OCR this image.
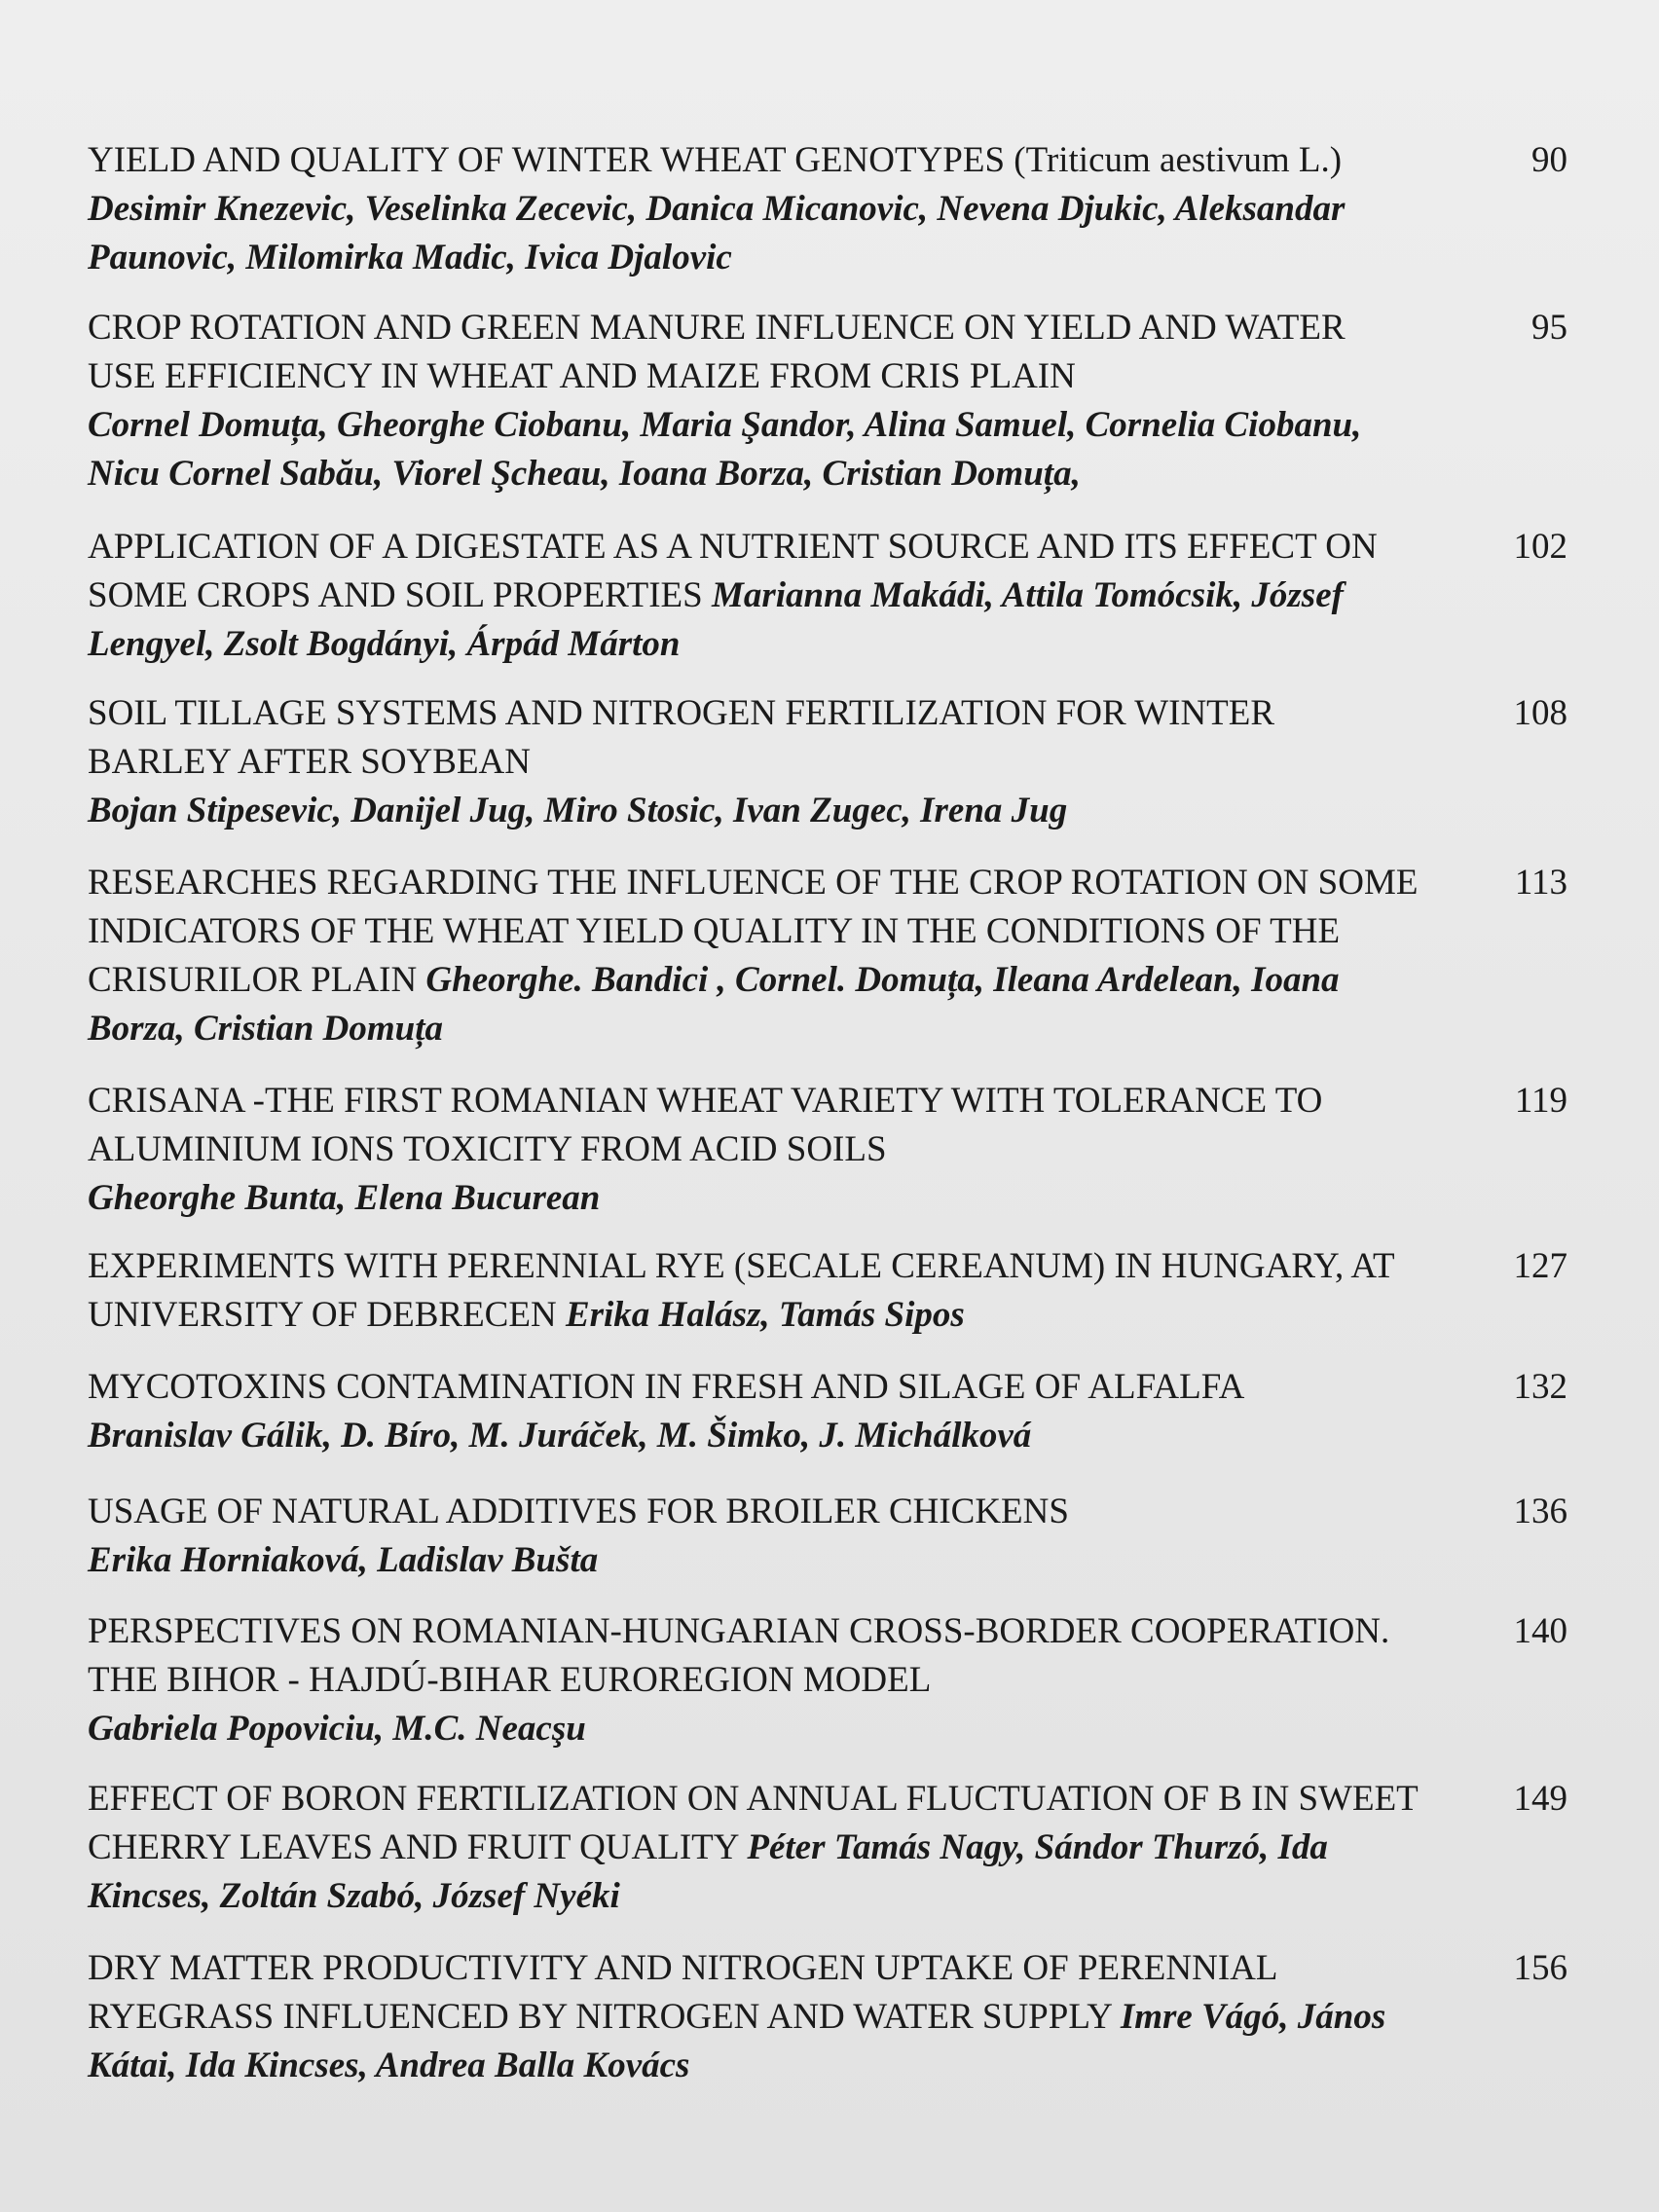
YIELD AND QUALITY OF WINTER WHEAT GENOTYPES (Triticum aestivum L.) Desimir Knezevic, Veselinka Zecevic, Danica Micanovic, Nevena Djukic, Aleksandar Paunovic, Milomirka Madic, Ivica Djalovic
90
CROP ROTATION AND GREEN MANURE INFLUENCE ON YIELD AND WATER USE EFFICIENCY IN WHEAT AND MAIZE FROM CRIS PLAIN
Cornel Domuța, Gheorghe Ciobanu, Maria Şandor, Alina Samuel, Cornelia Ciobanu, Nicu Cornel Sabău, Viorel Şcheau, Ioana Borza, Cristian Domuța,
95
APPLICATION OF A DIGESTATE AS A NUTRIENT SOURCE AND ITS EFFECT ON SOME CROPS AND SOIL PROPERTIES Marianna Makádi, Attila Tomócsik, József Lengyel, Zsolt Bogdányi, Árpád Márton
102
SOIL TILLAGE SYSTEMS AND NITROGEN FERTILIZATION FOR WINTER BARLEY AFTER SOYBEAN
Bojan Stipesevic, Danijel Jug, Miro Stosic, Ivan Zugec, Irena Jug
108
RESEARCHES REGARDING THE INFLUENCE OF THE CROP ROTATION ON SOME INDICATORS OF THE WHEAT YIELD QUALITY IN THE CONDITIONS OF THE CRISURILOR PLAIN Gheorghe. Bandici , Cornel. Domuța, Ileana Ardelean, Ioana Borza, Cristian Domuța
113
CRISANA -THE FIRST ROMANIAN WHEAT VARIETY WITH TOLERANCE TO ALUMINIUM IONS TOXICITY FROM ACID SOILS
Gheorghe Bunta, Elena Bucurean
119
EXPERIMENTS WITH PERENNIAL RYE (SECALE CEREANUM) IN HUNGARY, AT UNIVERSITY OF DEBRECEN Erika Halász, Tamás Sipos
127
MYCOTOXINS CONTAMINATION IN FRESH AND SILAGE OF ALFALFA
Branislav Gálik, D. Bíro, M. Juráček, M. Šimko, J. Michálková
132
USAGE OF NATURAL ADDITIVES FOR BROILER CHICKENS
Erika Horniaková, Ladislav Bušta
136
PERSPECTIVES ON ROMANIAN-HUNGARIAN CROSS-BORDER COOPERATION. THE BIHOR - HAJDÚ-BIHAR EUROREGION MODEL
Gabriela Popoviciu, M.C. Neacşu
140
EFFECT OF BORON FERTILIZATION ON ANNUAL FLUCTUATION OF B IN SWEET CHERRY LEAVES AND FRUIT QUALITY Péter Tamás Nagy, Sándor Thurzó, Ida Kincses, Zoltán Szabó, József Nyéki
149
DRY MATTER PRODUCTIVITY AND NITROGEN UPTAKE OF PERENNIAL RYEGRASS INFLUENCED BY NITROGEN AND WATER SUPPLY Imre Vágó, János Kátai, Ida Kincses, Andrea Balla Kovács
156
